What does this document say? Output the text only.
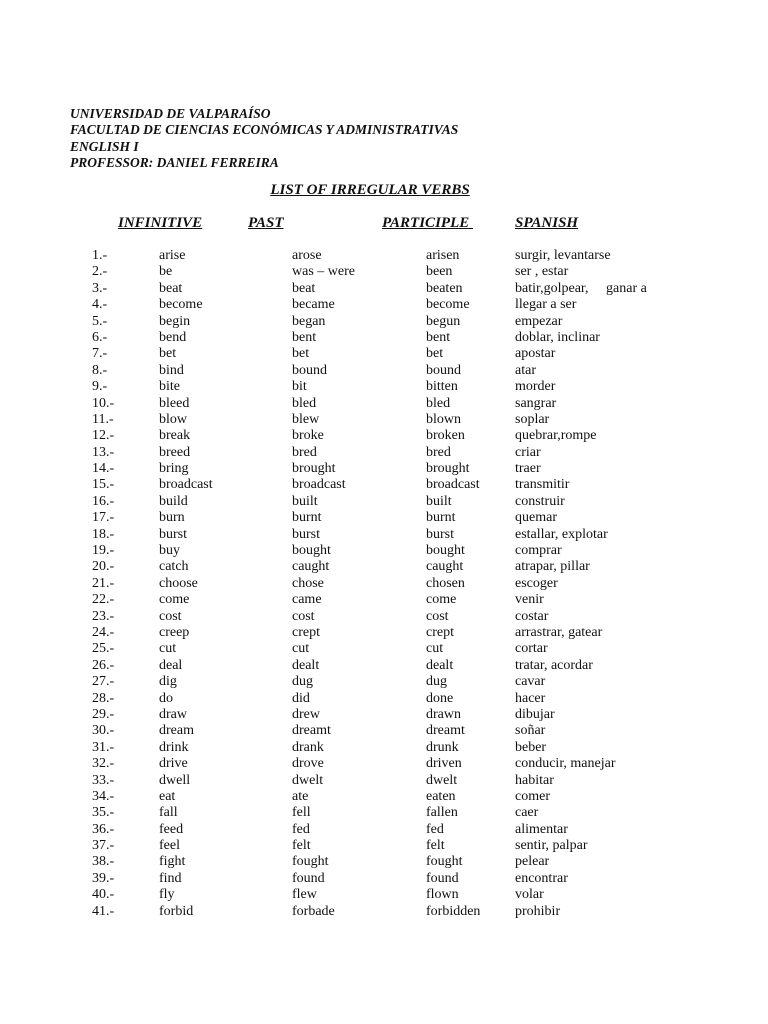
UNIVERSIDAD DE VALPARAÍSO
FACULTAD DE CIENCIAS ECONÓMICAS Y ADMINISTRATIVAS
ENGLISH I
PROFESSOR: DANIEL FERREIRA
LIST OF IRREGULAR VERBS
INFINITIVE	PAST	PARTICIPLE	SPANISH
1.-	arise	arose	arisen	surgir, levantarse
2.-	be	was – were	been	ser , estar
3.-	beat	beat	beaten	batir,golpear,     ganar a
4.-	become	became	become	llegar a ser
5.-	begin	began	begun	empezar
6.-	bend	bent	bent	doblar, inclinar
7.-	bet	bet	bet	apostar
8.-	bind	bound	bound	atar
9.-	bite	bit	bitten	morder
10.-	bleed	bled	bled	sangrar
11.-	blow	blew	blown	soplar
12.-	break	broke	broken	quebrar,rompe
13.-	breed	bred	bred	criar
14.-	bring	brought	brought	traer
15.-	broadcast	broadcast	broadcast	transmitir
16.-	build	built	built	construir
17.-	burn	burnt	burnt	quemar
18.-	burst	burst	burst	estallar, explotar
19.-	buy	bought	bought	comprar
20.-	catch	caught	caught	atrapar, pillar
21.-	choose	chose	chosen	escoger
22.-	come	came	come	venir
23.-	cost	cost	cost	costar
24.-	creep	crept	crept	arrastrar, gatear
25.-	cut	cut	cut	cortar
26.-	deal	dealt	dealt	tratar, acordar
27.-	dig	dug	dug	cavar
28.-	do	did	done	hacer
29.-	draw	drew	drawn	dibujar
30.-	dream	dreamt	dreamt	soñar
31.-	drink	drank	drunk	beber
32.-	drive	drove	driven	conducir, manejar
33.-	dwell	dwelt	dwelt	habitar
34.-	eat	ate	eaten	comer
35.-	fall	fell	fallen	caer
36.-	feed	fed	fed	alimentar
37.-	feel	felt	felt	sentir, palpar
38.-	fight	fought	fought	pelear
39.-	find	found	found	encontrar
40.-	fly	flew	flown	volar
41.-	forbid	forbade	forbidden prohibir
